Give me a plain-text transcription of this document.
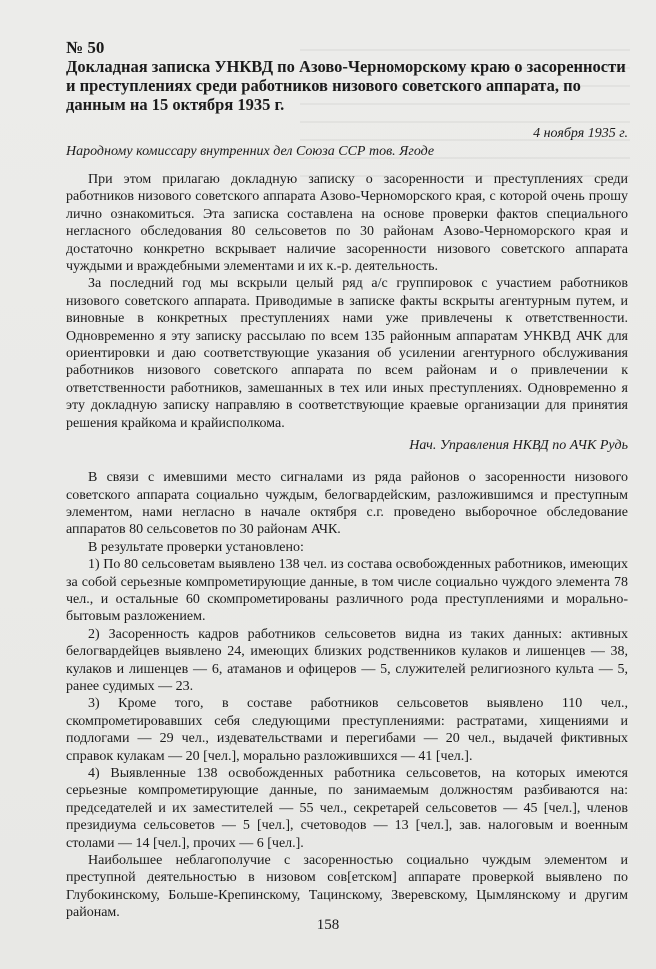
№ 50

Докладная записка УНКВД по Азово-Черноморскому краю о засоренности и преступлениях среди работников низового советского аппарата, по данным на 15 октября 1935 г.

4 ноября 1935 г.

Народному комиссару внутренних дел Союза ССР тов. Ягоде

При этом прилагаю докладную записку о засоренности и преступлениях среди работников низового советского аппарата Азово-Черноморского края, с которой очень прошу лично ознакомиться. Эта записка составлена на основе проверки фактов специального негласного обследования 80 сельсоветов по 30 районам Азово-Черноморского края и достаточно конкретно вскрывает наличие засоренности низового советского аппарата чуждыми и враждебными элементами и их к.-р. деятельность.

За последний год мы вскрыли целый ряд а/с группировок с участием работников низового советского аппарата. Приводимые в записке факты вскрыты агентурным путем, и виновные в конкретных преступлениях нами уже привлечены к ответственности. Одновременно я эту записку рассылаю по всем 135 районным аппаратам УНКВД АЧК для ориентировки и даю соответствующие указания об усилении агентурного обслуживания работников низового советского аппарата по всем районам и о привлечении к ответственности работников, замешанных в тех или иных преступлениях. Одновременно я эту докладную записку направляю в соответствующие краевые организации для принятия решения крайкома и крайисполкома.

Нач. Управления НКВД по АЧК Рудь

В связи с имевшими место сигналами из ряда районов о засоренности низового советского аппарата социально чуждым, белогвардейским, разложившимся и преступным элементом, нами негласно в начале октября с.г. проведено выборочное обследование аппаратов 80 сельсоветов по 30 районам АЧК.

В результате проверки установлено:

1) По 80 сельсоветам выявлено 138 чел. из состава освобожденных работников, имеющих за собой серьезные компрометирующие данные, в том числе социально чуждого элемента 78 чел., и остальные 60 скомпрометированы различного рода преступлениями и морально-бытовым разложением.

2) Засоренность кадров работников сельсоветов видна из таких данных: активных белогвардейцев выявлено 24, имеющих близких родственников кулаков и лишенцев — 38, кулаков и лишенцев — 6, атаманов и офицеров — 5, служителей религиозного культа — 5, ранее судимых — 23.

3) Кроме того, в составе работников сельсоветов выявлено 110 чел., скомпрометировавших себя следующими преступлениями: растратами, хищениями и подлогами — 29 чел., издевательствами и перегибами — 20 чел., выдачей фиктивных справок кулакам — 20 [чел.], морально разложившихся — 41 [чел.].

4) Выявленные 138 освобожденных работника сельсоветов, на которых имеются серьезные компрометирующие данные, по занимаемым должностям разбиваются на: председателей и их заместителей — 55 чел., секретарей сельсоветов — 45 [чел.], членов президиума сельсоветов — 5 [чел.], счетоводов — 13 [чел.], зав. налоговым и военным столами — 14 [чел.], прочих — 6 [чел.].

Наибольшее неблагополучие с засоренностью социально чуждым элементом и преступной деятельностью в низовом сов[етском] аппарате проверкой выявлено по Глубокинскому, Больше-Крепинскому, Тацинскому, Зверевскому, Цымлянскому и другим районам.

158
